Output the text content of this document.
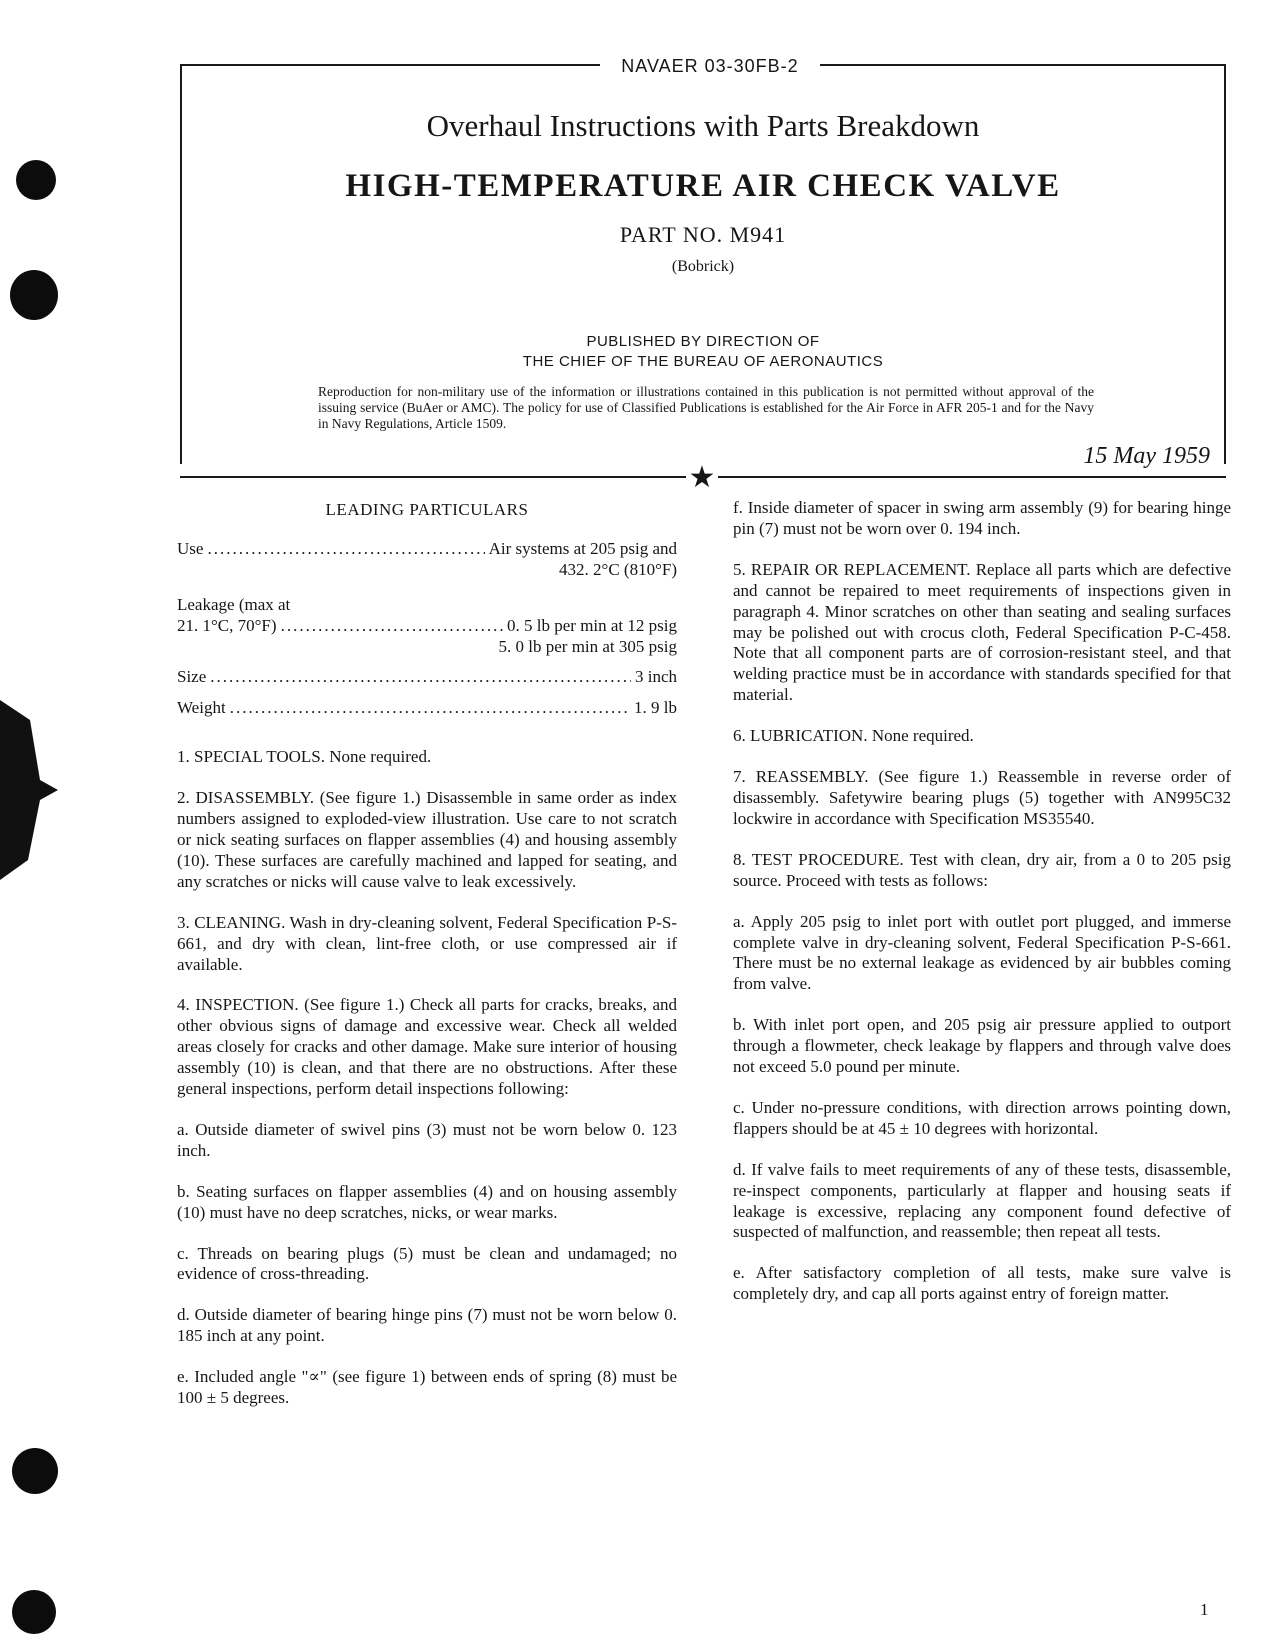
NAVAER 03-30FB-2
Overhaul Instructions with Parts Breakdown
HIGH-TEMPERATURE AIR CHECK VALVE
PART NO. M941
(Bobrick)
PUBLISHED BY DIRECTION OF
THE CHIEF OF THE BUREAU OF AERONAUTICS
Reproduction for non-military use of the information or illustrations contained in this publication is not permitted without approval of the issuing service (BuAer or AMC). The policy for use of Classified Publications is established for the Air Force in AFR 205-1 and for the Navy in Navy Regulations, Article 1509.
15 May 1959
★
LEADING PARTICULARS
Use .....	Air systems at 205 psig and
432. 2°C (810°F)
Leakage (max at
21. 1°C, 70°F) .....	0. 5 lb per min at 12 psig
5. 0 lb per min at 305 psig
Size .....	3 inch
Weight .....	1. 9 lb

1. SPECIAL TOOLS. None required.

2. DISASSEMBLY. (See figure 1.) Disassemble in same order as index numbers assigned to exploded-view illustration. Use care to not scratch or nick seating surfaces on flapper assemblies (4) and housing assembly (10). These surfaces are carefully machined and lapped for seating, and any scratches or nicks will cause valve to leak excessively.

3. CLEANING. Wash in dry-cleaning solvent, Federal Specification P-S-661, and dry with clean, lint-free cloth, or use compressed air if available.

4. INSPECTION. (See figure 1.) Check all parts for cracks, breaks, and other obvious signs of damage and excessive wear. Check all welded areas closely for cracks and other damage. Make sure interior of housing assembly (10) is clean, and that there are no obstructions. After these general inspections, perform detail inspections following:

a. Outside diameter of swivel pins (3) must not be worn below 0. 123 inch.

b. Seating surfaces on flapper assemblies (4) and on housing assembly (10) must have no deep scratches, nicks, or wear marks.

c. Threads on bearing plugs (5) must be clean and undamaged; no evidence of cross-threading.

d. Outside diameter of bearing hinge pins (7) must not be worn below 0. 185 inch at any point.

e. Included angle "∝" (see figure 1) between ends of spring (8) must be 100 ± 5 degrees.

f. Inside diameter of spacer in swing arm assembly (9) for bearing hinge pin (7) must not be worn over 0. 194 inch.

5. REPAIR OR REPLACEMENT. Replace all parts which are defective and cannot be repaired to meet requirements of inspections given in paragraph 4. Minor scratches on other than seating and sealing surfaces may be polished out with crocus cloth, Federal Specification P-C-458. Note that all component parts are of corrosion-resistant steel, and that welding practice must be in accordance with standards specified for that material.

6. LUBRICATION. None required.

7. REASSEMBLY. (See figure 1.) Reassemble in reverse order of disassembly. Safetywire bearing plugs (5) together with AN995C32 lockwire in accordance with Specification MS35540.

8. TEST PROCEDURE. Test with clean, dry air, from a 0 to 205 psig source. Proceed with tests as follows:

a. Apply 205 psig to inlet port with outlet port plugged, and immerse complete valve in dry-cleaning solvent, Federal Specification P-S-661. There must be no external leakage as evidenced by air bubbles coming from valve.

b. With inlet port open, and 205 psig air pressure applied to outport through a flowmeter, check leakage by flappers and through valve does not exceed 5.0 pound per minute.

c. Under no-pressure conditions, with direction arrows pointing down, flappers should be at 45 ± 10 degrees with horizontal.

d. If valve fails to meet requirements of any of these tests, disassemble, re-inspect components, particularly at flapper and housing seats if leakage is excessive, replacing any component found defective of suspected of malfunction, and reassemble; then repeat all tests.

e. After satisfactory completion of all tests, make sure valve is completely dry, and cap all ports against entry of foreign matter.

1
